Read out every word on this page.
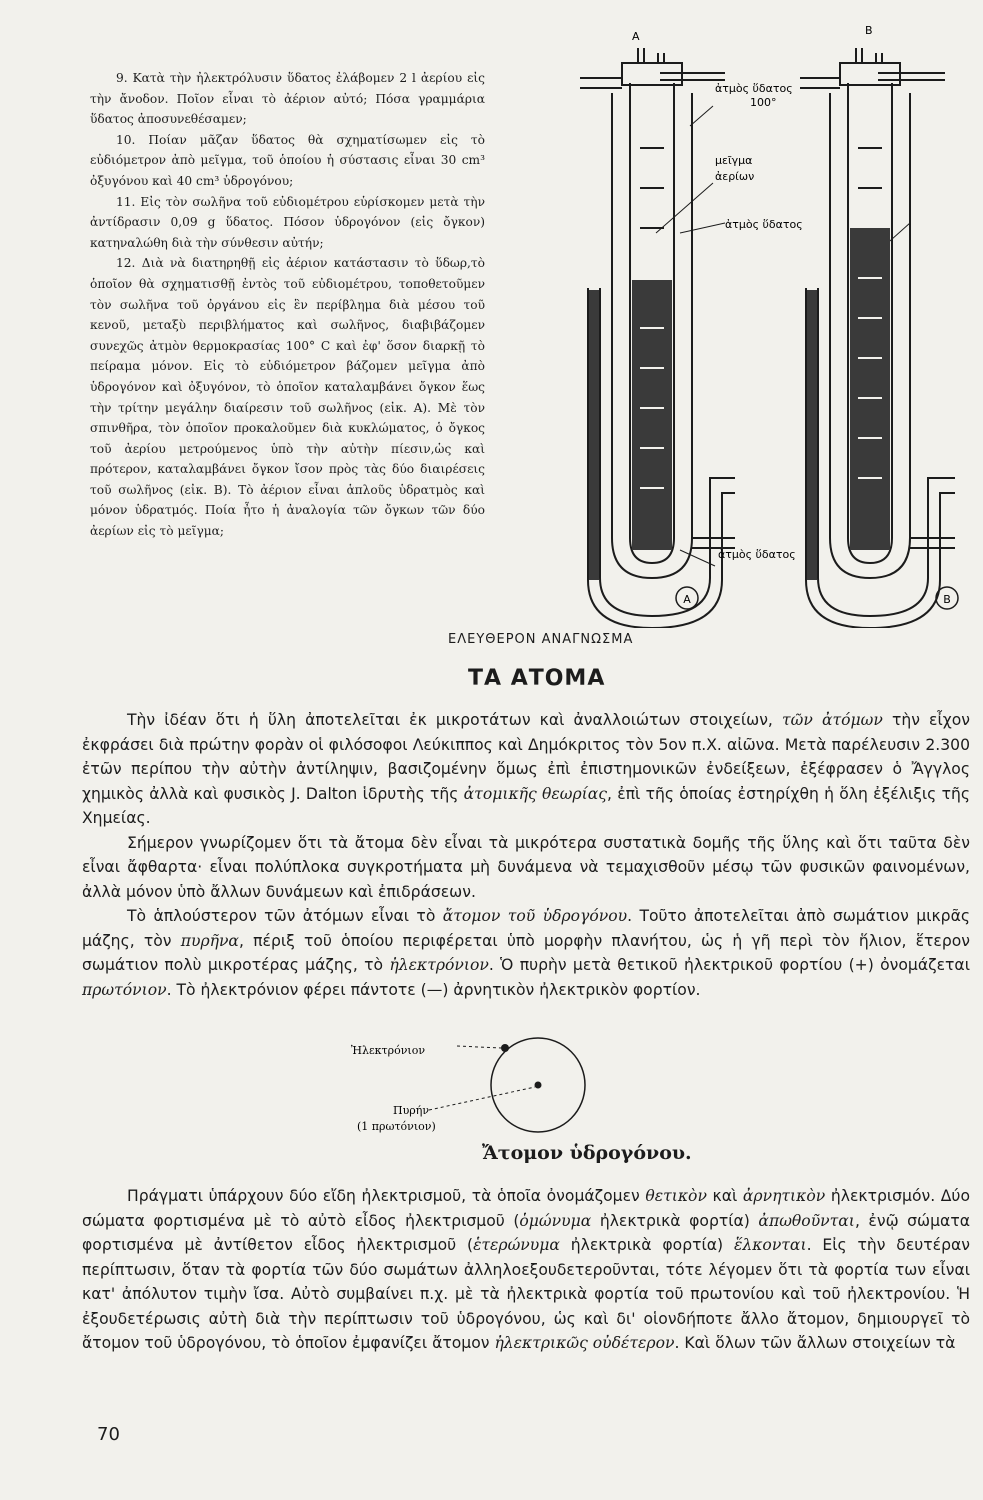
9. Κατὰ τὴν ἠλεκτρόλυσιν ὕδατος ἐλάβομεν 2 l ἀερίου εἰς τὴν ἄνοδον. Ποῖον εἶναι τὸ ἀέριον αὐτό; Πόσα γραμμάρια ὕδατος ἀποσυνεθέσαμεν;

10. Ποίαν μᾶζαν ὕδατος θὰ σχηματίσωμεν εἰς τὸ εὐδιόμετρον ἀπὸ μεῖγμα, τοῦ ὁποίου ἡ σύστασις εἶναι 30 cm³ ὀξυγόνου καὶ 40 cm³ ὑδρογόνου;

11. Εἰς τὸν σωλῆνα τοῦ εὐδιομέτρου εὑρίσκομεν μετὰ τὴν ἀντίδρασιν 0,09 g ὕδατος. Πόσον ὑδρογόνον (εἰς ὄγκον) κατηναλώθη διὰ τὴν σύνθεσιν αὐτήν;

12. Διὰ νὰ διατηρηθῇ εἰς ἀέριον κατάστασιν τὸ ὕδωρ,τὸ ὁποῖον θὰ σχηματισθῇ ἐντὸς τοῦ εὐδιομέτρου, τοποθετοῦμεν τὸν σωλῆνα τοῦ ὀργάνου εἰς ἓν περίβλημα διὰ μέσου τοῦ κενοῦ, μεταξὺ περιβλήματος καὶ σωλῆνος, διαβιβάζομεν συνεχῶς ἀτμὸν θερμοκρασίας 100° C καὶ ἐφ' ὅσον διαρκῇ τὸ πείραμα μόνον. Εἰς τὸ εὐδιόμετρον βάζομεν μεῖγμα ἀπὸ ὑδρογόνον καὶ ὀξυγόνον, τὸ ὁποῖον καταλαμβάνει ὄγκον ἕως τὴν τρίτην μεγάλην διαίρεσιν τοῦ σωλῆνος (εἰκ. Α). Μὲ τὸν σπινθῆρα, τὸν ὁποῖον προκαλοῦμεν διὰ κυκλώματος, ὁ ὄγκος τοῦ ἀερίου μετρούμενος ὑπὸ τὴν αὐτὴν πίεσιν,ὡς καὶ πρότερον, καταλαμβάνει ὄγκον ἴσον πρὸς τὰς δύο διαιρέσεις τοῦ σωλῆνος (εἰκ. Β). Τὸ ἀέριον εἶναι ἁπλοῦς ὑδρατμὸς καὶ μόνον ὑδρατμός. Ποία ἦτο ἡ ἀναλογία τῶν ὄγκων τῶν δύο ἀερίων εἰς τὸ μεῖγμα;

A	B
A	B
ἀτμὸς ὕδατος
100°
μεῖγμα
ἀερίων
ἀτμὸς ὕδατος
ἀτμὸς ὕδατος
ΕΛΕΥΘΕΡΟΝ ΑΝΑΓΝΩΣΜΑ
ΤΑ ΑΤΟΜΑ

Τὴν ἰδέαν ὅτι ἡ ὕλη ἀποτελεῖται ἐκ μικροτάτων καὶ ἀναλλοιώτων στοιχείων, τῶν ἀτόμων τὴν εἶχον ἐκφράσει διὰ πρώτην φορὰν οἱ φιλόσοφοι Λεύκιππος καὶ Δημόκριτος τὸν 5ον π.Χ. αἰῶνα. Μετὰ παρέλευσιν 2.300 ἐτῶν περίπου τὴν αὐτὴν ἀντίληψιν, βασιζομένην ὅμως ἐπὶ ἐπιστημονικῶν ἐνδείξεων, ἐξέφρασεν ὁ Ἄγγλος χημικὸς ἀλλὰ καὶ φυσικὸς J. Dalton ἱδρυτὴς τῆς ἀτομικῆς θεωρίας, ἐπὶ τῆς ὁποίας ἐστηρίχθη ἡ ὅλη ἐξέλιξις τῆς Χημείας.

Σήμερον γνωρίζομεν ὅτι τὰ ἄτομα δὲν εἶναι τὰ μικρότερα συστατικὰ δομῆς τῆς ὕλης καὶ ὅτι ταῦτα δὲν εἶναι ἄφθαρτα· εἶναι πολύπλοκα συγκροτήματα μὴ δυνάμενα νὰ τεμαχισθοῦν μέσῳ τῶν φυσικῶν φαινομένων, ἀλλὰ μόνον ὑπὸ ἄλλων δυνάμεων καὶ ἐπιδράσεων.

Τὸ ἁπλούστερον τῶν ἀτόμων εἶναι τὸ ἄτομον τοῦ ὑδρογόνου. Τοῦτο ἀποτελεῖται ἀπὸ σωμάτιον μικρᾶς μάζης, τὸν πυρῆνα, πέριξ τοῦ ὁποίου περιφέρεται ὑπὸ μορφὴν πλανήτου, ὡς ἡ γῆ περὶ τὸν ἥλιον, ἕτερον σωμάτιον πολὺ μικροτέρας μάζης, τὸ ἠλεκτρόνιον. Ὁ πυρὴν μετὰ θετικοῦ ἠλεκτρικοῦ φορτίου (+) ὀνομάζεται πρωτόνιον. Τὸ ἠλεκτρόνιον φέρει πάντοτε (—) ἀρνητικὸν ἠλεκτρικὸν φορτίον.

Ἠλεκτρόνιον
Πυρήν
(1 πρωτόνιον)
Ἄτομον ὑδρογόνου.

Πράγματι ὑπάρχουν δύο εἴδη ἠλεκτρισμοῦ, τὰ ὁποῖα ὀνομάζομεν θετικὸν καὶ ἀρνητικὸν ἠλεκτρισμόν. Δύο σώματα φορτισμένα μὲ τὸ αὐτὸ εἶδος ἠλεκτρισμοῦ (ὁμώνυμα ἠλεκτρικὰ φορτία) ἀπωθοῦνται, ἐνῷ σώματα φορτισμένα μὲ ἀντίθετον εἶδος ἠλεκτρισμοῦ (ἑτερώνυμα ἠλεκτρικὰ φορτία) ἕλκονται. Εἰς τὴν δευτέραν περίπτωσιν, ὅταν τὰ φορτία τῶν δύο σωμάτων ἀλληλοεξουδετεροῦνται, τότε λέγομεν ὅτι τὰ φορτία των εἶναι κατ' ἀπόλυτον τιμὴν ἴσα. Αὐτὸ συμβαίνει π.χ. μὲ τὰ ἠλεκτρικὰ φορτία τοῦ πρωτονίου καὶ τοῦ ἠλεκτρονίου. Ἡ ἐξουδετέρωσις αὐτὴ διὰ τὴν περίπτωσιν τοῦ ὑδρογόνου, ὡς καὶ δι' οἱονδήποτε ἄλλο ἄτομον, δημιουργεῖ τὸ ἄτομον τοῦ ὑδρογόνου, τὸ ὁποῖον ἐμφανίζει ἄτομον ἠλεκτρικῶς οὐδέτερον. Καὶ ὅλων τῶν ἄλλων στοιχείων τὰ

70
